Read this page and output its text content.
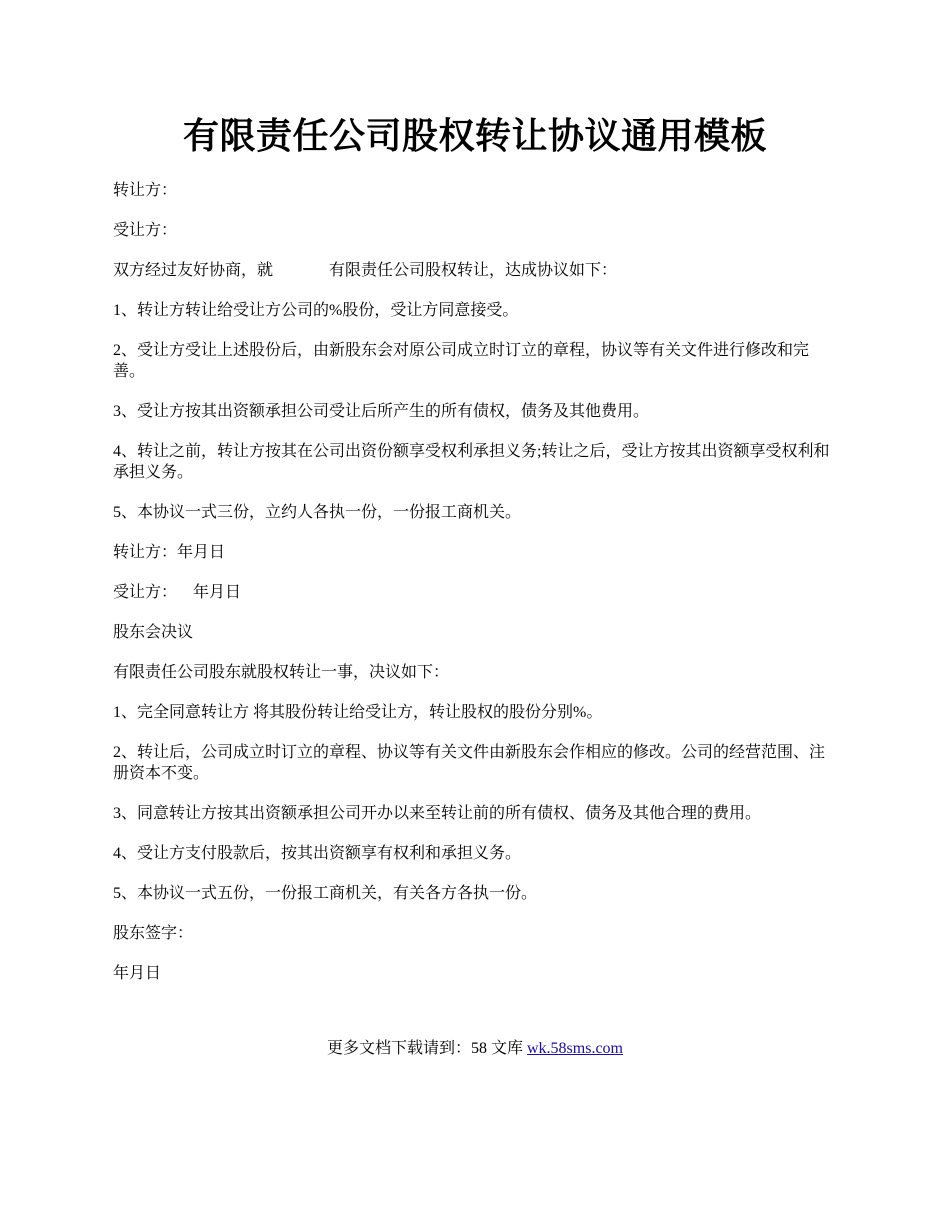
有限责任公司股权转让协议通用模板

转让方：

受让方：

双方经过友好协商，就              有限责任公司股权转让，达成协议如下：

1、转让方转让给受让方公司的%股份，受让方同意接受。

2、受让方受让上述股份后，由新股东会对原公司成立时订立的章程，协议等有关文件进行修改和完善。

3、受让方按其出资额承担公司受让后所产生的所有债权，债务及其他费用。

4、转让之前，转让方按其在公司出资份额享受权利承担义务;转让之后，受让方按其出资额享受权利和承担义务。

5、本协议一式三份，立约人各执一份，一份报工商机关。

转让方：年月日

受让方：    年月日

股东会决议

有限责任公司股东就股权转让一事，决议如下：

1、完全同意转让方 将其股份转让给受让方，转让股权的股份分别%。

2、转让后，公司成立时订立的章程、协议等有关文件由新股东会作相应的修改。公司的经营范围、注册资本不变。

3、同意转让方按其出资额承担公司开办以来至转让前的所有债权、债务及其他合理的费用。

4、受让方支付股款后，按其出资额享有权利和承担义务。

5、本协议一式五份，一份报工商机关，有关各方各执一份。

股东签字：

年月日

更多文档下载请到：58 文库 wk.58sms.com
